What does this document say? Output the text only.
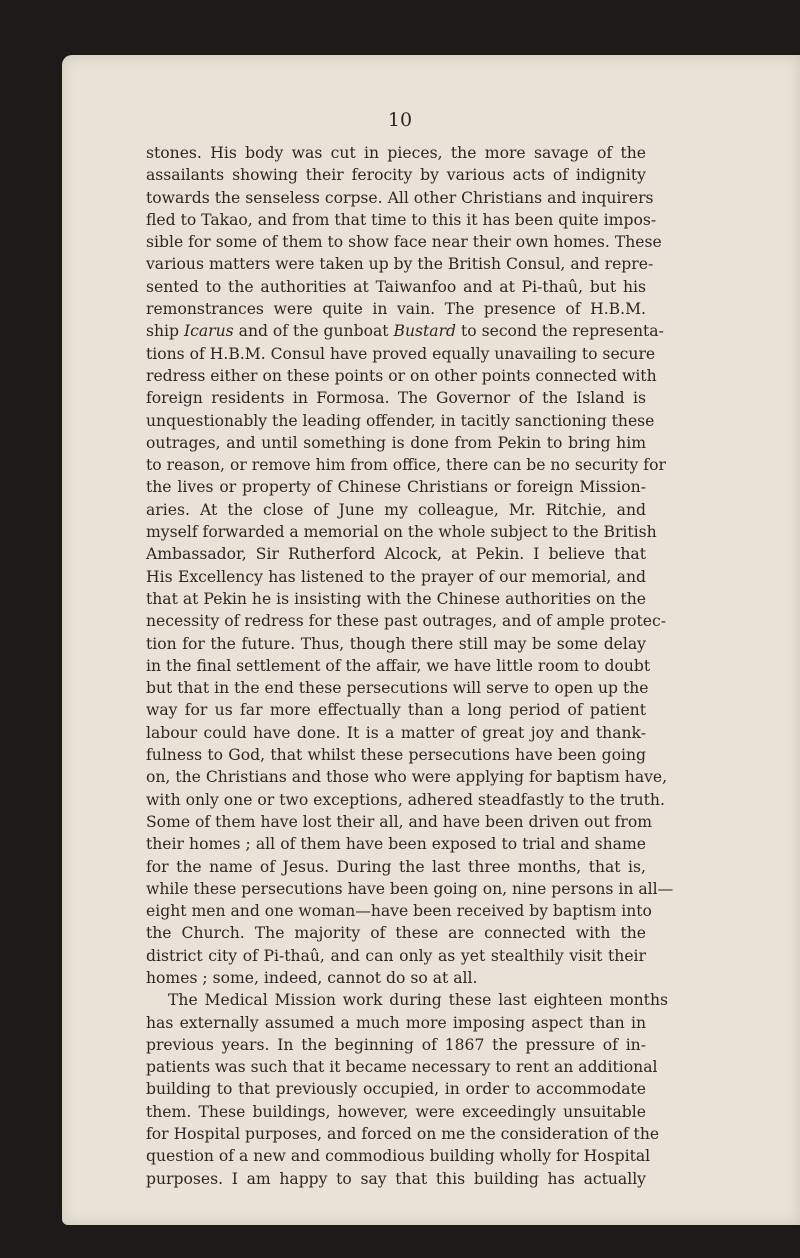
10

stones. His body was cut in pieces, the more savage of the
assailants showing their ferocity by various acts of indignity
towards the senseless corpse. All other Christians and inquirers
fled to Takao, and from that time to this it has been quite impos-
sible for some of them to show face near their own homes. These
various matters were taken up by the British Consul, and repre-
sented to the authorities at Taiwanfoo and at Pi-thaû, but his
remonstrances were quite in vain. The presence of H.B.M.
ship Icarus and of the gunboat Bustard to second the representa-
tions of H.B.M. Consul have proved equally unavailing to secure
redress either on these points or on other points connected with
foreign residents in Formosa. The Governor of the Island is
unquestionably the leading offender, in tacitly sanctioning these
outrages, and until something is done from Pekin to bring him
to reason, or remove him from office, there can be no security for
the lives or property of Chinese Christians or foreign Mission-
aries. At the close of June my colleague, Mr. Ritchie, and
myself forwarded a memorial on the whole subject to the British
Ambassador, Sir Rutherford Alcock, at Pekin. I believe that
His Excellency has listened to the prayer of our memorial, and
that at Pekin he is insisting with the Chinese authorities on the
necessity of redress for these past outrages, and of ample protec-
tion for the future. Thus, though there still may be some delay
in the final settlement of the affair, we have little room to doubt
but that in the end these persecutions will serve to open up the
way for us far more effectually than a long period of patient
labour could have done. It is a matter of great joy and thank-
fulness to God, that whilst these persecutions have been going
on, the Christians and those who were applying for baptism have,
with only one or two exceptions, adhered steadfastly to the truth.
Some of them have lost their all, and have been driven out from
their homes ; all of them have been exposed to trial and shame
for the name of Jesus. During the last three months, that is,
while these persecutions have been going on, nine persons in all—
eight men and one woman—have been received by baptism into
the Church. The majority of these are connected with the
district city of Pi-thaû, and can only as yet stealthily visit their
homes ; some, indeed, cannot do so at all.

The Medical Mission work during these last eighteen months
has externally assumed a much more imposing aspect than in
previous years. In the beginning of 1867 the pressure of in-
patients was such that it became necessary to rent an additional
building to that previously occupied, in order to accommodate
them. These buildings, however, were exceedingly unsuitable
for Hospital purposes, and forced on me the consideration of the
question of a new and commodious building wholly for Hospital
purposes. I am happy to say that this building has actually
